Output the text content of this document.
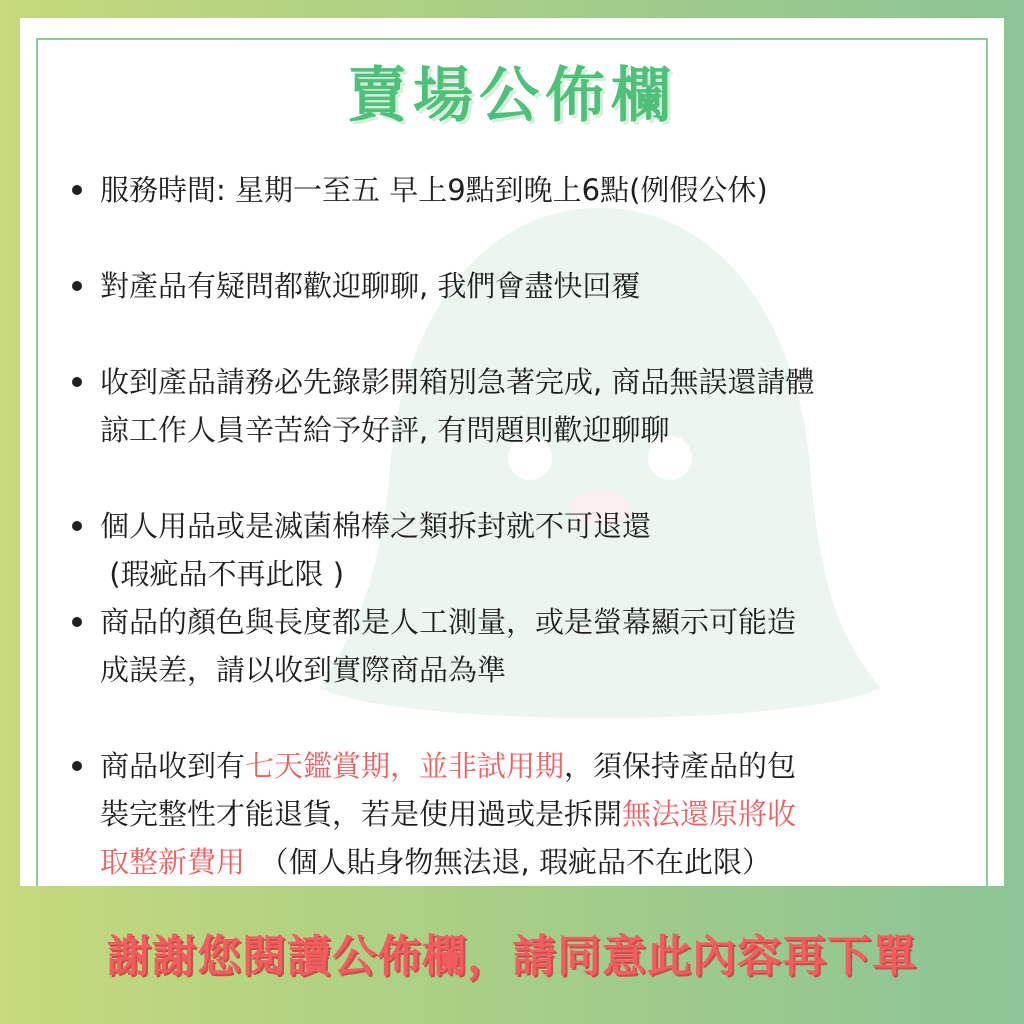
賣場公佈欄
服務時間: 星期一至五 早上9點到晚上6點(例假公休)
對產品有疑問都歡迎聊聊, 我們會盡快回覆
收到產品請務必先錄影開箱別急著完成, 商品無誤還請體
諒工作人員辛苦給予好評, 有問題則歡迎聊聊
個人用品或是滅菌棉棒之類拆封就不可退還
(瑕疵品不再此限 )
商品的顏色與長度都是人工測量，或是螢幕顯示可能造
成誤差，請以收到實際商品為準
商品收到有七天鑑賞期，並非試用期，須保持產品的包
裝完整性才能退貨，若是使用過或是拆開無法還原將收
取整新費用　（個人貼身物無法退, 瑕疵品不在此限）
謝謝您閱讀公佈欄，請同意此內容再下單
